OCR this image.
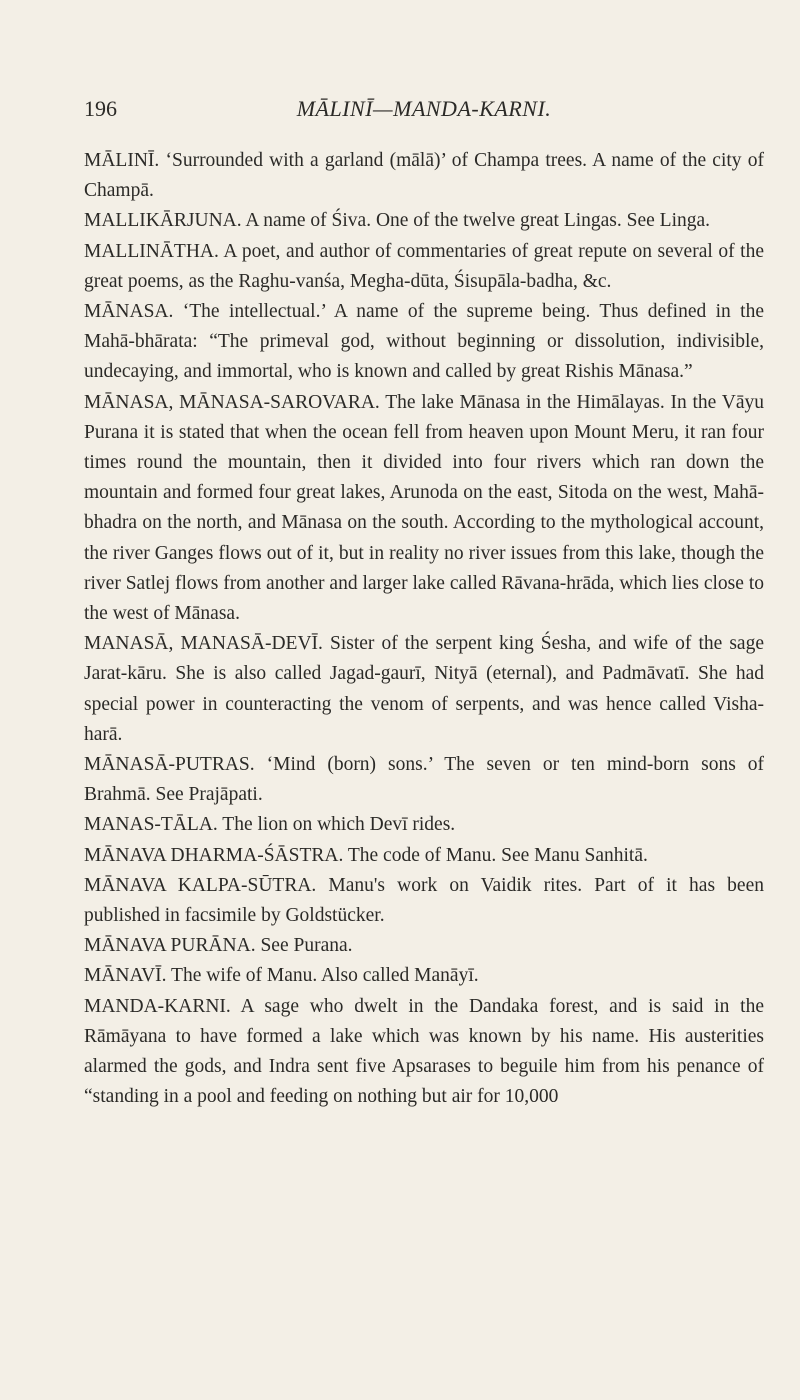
196	MĀLINĪ—MANDA-KARNI.

MĀLINĪ. ‘Surrounded with a garland (mālā)’ of Champa trees. A name of the city of Champā.

MALLIKĀRJUNA. A name of Śiva. One of the twelve great Lingas. See Linga.

MALLINĀTHA. A poet, and author of commentaries of great repute on several of the great poems, as the Raghu-vanśa, Megha-dūta, Śisupāla-badha, &c.

MĀNASA. ‘The intellectual.’ A name of the supreme being. Thus defined in the Mahā-bhārata: “The primeval god, without beginning or dissolution, indivisible, undecaying, and immortal, who is known and called by great Rishis Mānasa.”

MĀNASA, MĀNASA-SAROVARA. The lake Mānasa in the Himālayas. In the Vāyu Purana it is stated that when the ocean fell from heaven upon Mount Meru, it ran four times round the mountain, then it divided into four rivers which ran down the mountain and formed four great lakes, Arunoda on the east, Sitoda on the west, Mahā-bhadra on the north, and Mānasa on the south. According to the mythological account, the river Ganges flows out of it, but in reality no river issues from this lake, though the river Satlej flows from another and larger lake called Rāvana-hrāda, which lies close to the west of Mānasa.

MANASĀ, MANASĀ-DEVĪ. Sister of the serpent king Śesha, and wife of the sage Jarat-kāru. She is also called Jagad-gaurī, Nityā (eternal), and Padmāvatī. She had special power in counteracting the venom of serpents, and was hence called Visha-harā.

MĀNASĀ-PUTRAS. ‘Mind (born) sons.’ The seven or ten mind-born sons of Brahmā. See Prajāpati.

MANAS-TĀLA. The lion on which Devī rides.

MĀNAVA DHARMA-ŚĀSTRA. The code of Manu. See Manu Sanhitā.

MĀNAVA KALPA-SŪTRA. Manu's work on Vaidik rites. Part of it has been published in facsimile by Goldstücker.

MĀNAVA PURĀNA. See Purana.

MĀNAVĪ. The wife of Manu. Also called Manāyī.

MANDA-KARNI. A sage who dwelt in the Dandaka forest, and is said in the Rāmāyana to have formed a lake which was known by his name. His austerities alarmed the gods, and Indra sent five Apsarases to beguile him from his penance of “standing in a pool and feeding on nothing but air for 10,000
